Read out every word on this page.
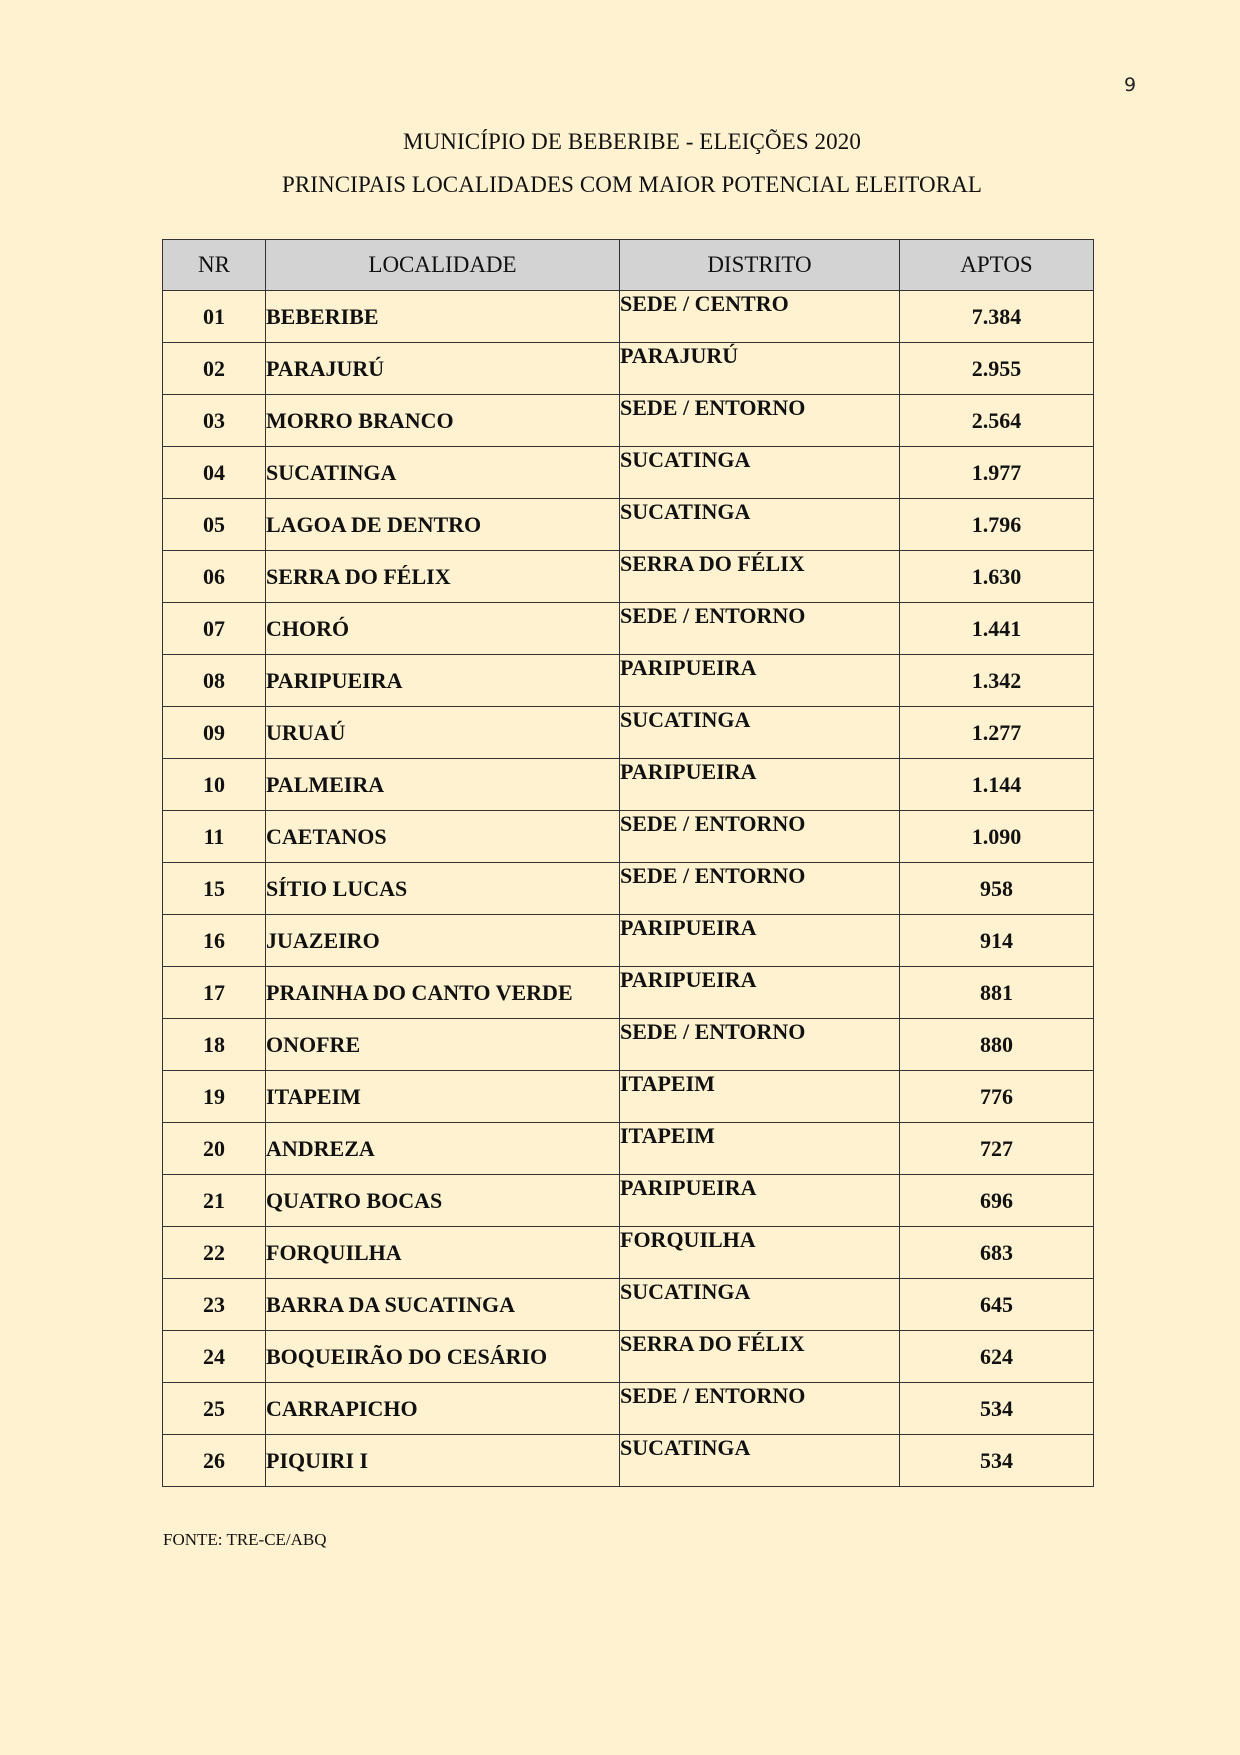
9
MUNICÍPIO DE BEBERIBE - ELEIÇÕES 2020
PRINCIPAIS LOCALIDADES COM MAIOR POTENCIAL ELEITORAL
NR	LOCALIDADE	DISTRITO	APTOS
01	BEBERIBE	SEDE / CENTRO	7.384
02	PARAJURÚ	PARAJURÚ	2.955
03	MORRO BRANCO	SEDE / ENTORNO	2.564
04	SUCATINGA	SUCATINGA	1.977
05	LAGOA DE DENTRO	SUCATINGA	1.796
06	SERRA DO FÉLIX	SERRA DO FÉLIX	1.630
07	CHORÓ	SEDE / ENTORNO	1.441
08	PARIPUEIRA	PARIPUEIRA	1.342
09	URUAÚ	SUCATINGA	1.277
10	PALMEIRA	PARIPUEIRA	1.144
11	CAETANOS	SEDE / ENTORNO	1.090
15	SÍTIO LUCAS	SEDE / ENTORNO	958
16	JUAZEIRO	PARIPUEIRA	914
17	PRAINHA DO CANTO VERDE	PARIPUEIRA	881
18	ONOFRE	SEDE / ENTORNO	880
19	ITAPEIM	ITAPEIM	776
20	ANDREZA	ITAPEIM	727
21	QUATRO BOCAS	PARIPUEIRA	696
22	FORQUILHA	FORQUILHA	683
23	BARRA DA SUCATINGA	SUCATINGA	645
24	BOQUEIRÃO DO CESÁRIO	SERRA DO FÉLIX	624
25	CARRAPICHO	SEDE / ENTORNO	534
26	PIQUIRI I	SUCATINGA	534
FONTE: TRE-CE/ABQ
